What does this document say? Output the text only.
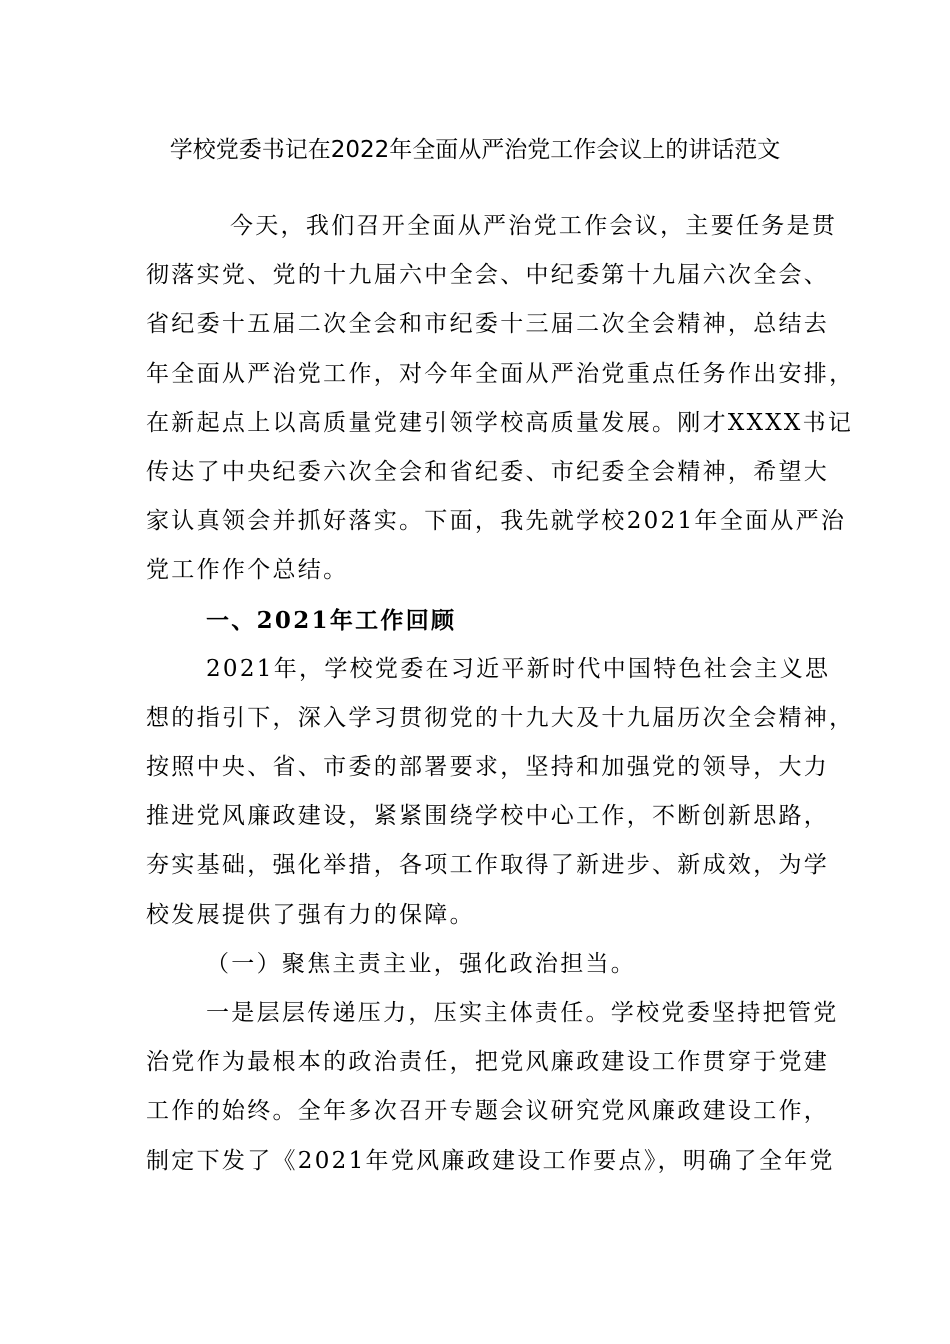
学校党委书记在2022年全面从严治党工作会议上的讲话范文
今天，我们召开全面从严治党工作会议，主要任务是贯
彻落实党、党的十九届六中全会、中纪委第十九届六次全会、
省纪委十五届二次全会和市纪委十三届二次全会精神，总结去
年全面从严治党工作，对今年全面从严治党重点任务作出安排，
在新起点上以高质量党建引领学校高质量发展。刚才XXXX书记
传达了中央纪委六次全会和省纪委、市纪委全会精神，希望大
家认真领会并抓好落实。下面，我先就学校2021年全面从严治
党工作作个总结。
一、2021年工作回顾
2021年，学校党委在习近平新时代中国特色社会主义思
想的指引下，深入学习贯彻党的十九大及十九届历次全会精神，
按照中央、省、市委的部署要求，坚持和加强党的领导，大力
推进党风廉政建设，紧紧围绕学校中心工作，不断创新思路，
夯实基础，强化举措，各项工作取得了新进步、新成效，为学
校发展提供了强有力的保障。
（一）聚焦主责主业，强化政治担当。
一是层层传递压力，压实主体责任。学校党委坚持把管党
治党作为最根本的政治责任，把党风廉政建设工作贯穿于党建
工作的始终。全年多次召开专题会议研究党风廉政建设工作，
制定下发了《2021年党风廉政建设工作要点》，明确了全年党
